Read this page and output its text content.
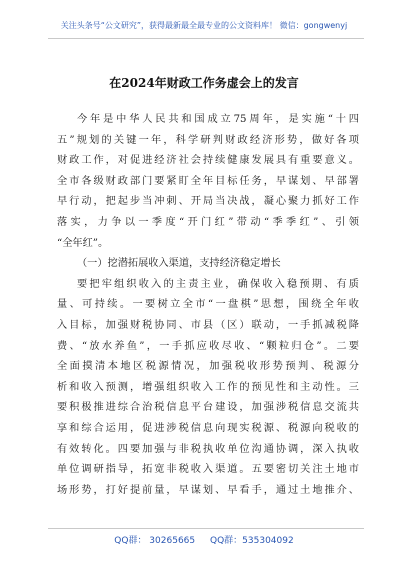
关注头条号“公文研究”，获得最新最全最专业的公文资料库！ 微信：gongwenyj
在2024年财政工作务虚会上的发言
今年是中华人民共和国成立75周年，是实施“十四
五”规划的关键一年，科学研判财政经济形势，做好各项
财政工作，对促进经济社会持续健康发展具有重要意义。
全市各级财政部门要紧盯全年目标任务，早谋划、早部署
早行动，把起步当冲刺、开局当决战，凝心聚力抓好工作
落实，力争以一季度“开门红”带动“季季红”、引领
“全年红”。
（一）挖潜拓展收入渠道，支持经济稳定增长
要把牢组织收入的主责主业，确保收入稳预期、有质
量、可持续。一要树立全市“一盘棋”思想，围绕全年收
入目标，加强财税协同、市县（区）联动，一手抓减税降
费、“放水养鱼”，一手抓应收尽收、“颗粒归仓”。二要
全面摸清本地区税源情况，加强税收形势预判、税源分
析和收入预测，增强组织收入工作的预见性和主动性。三
要积极推进综合治税信息平台建设，加强涉税信息交流共
享和综合运用，促进涉税信息向现实税源、税源向税收的
有效转化。四要加强与非税执收单位沟通协调，深入执收
单位调研指导，拓宽非税收入渠道。五要密切关注土地市
场形势，打好提前量，早谋划、早看手，通过土地推介、
QQ群： 30265665 QQ群：535304092
